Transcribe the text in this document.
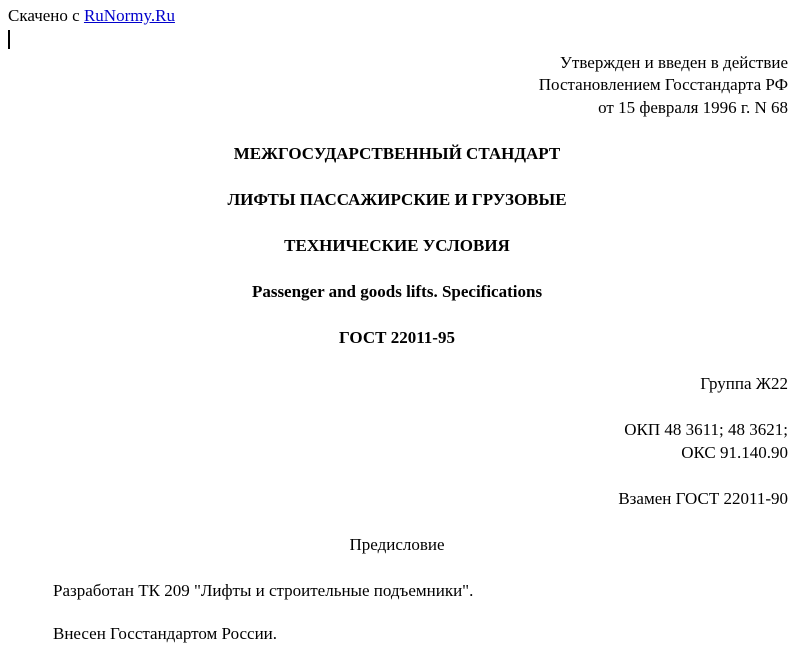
Скачено с RuNormy.Ru
Утвержден и введен в действие
Постановлением Госстандарта РФ
от 15 февраля 1996 г. N 68
МЕЖГОСУДАРСТВЕННЫЙ СТАНДАРТ
ЛИФТЫ ПАССАЖИРСКИЕ И ГРУЗОВЫЕ
ТЕХНИЧЕСКИЕ УСЛОВИЯ
Passenger and goods lifts. Specifications
ГОСТ 22011-95
Группа Ж22
ОКП 48 3611; 48 3621;
ОКС 91.140.90
Взамен ГОСТ 22011-90
Предисловие
Разработан ТК 209 "Лифты и строительные подъемники".
Внесен Госстандартом России.
